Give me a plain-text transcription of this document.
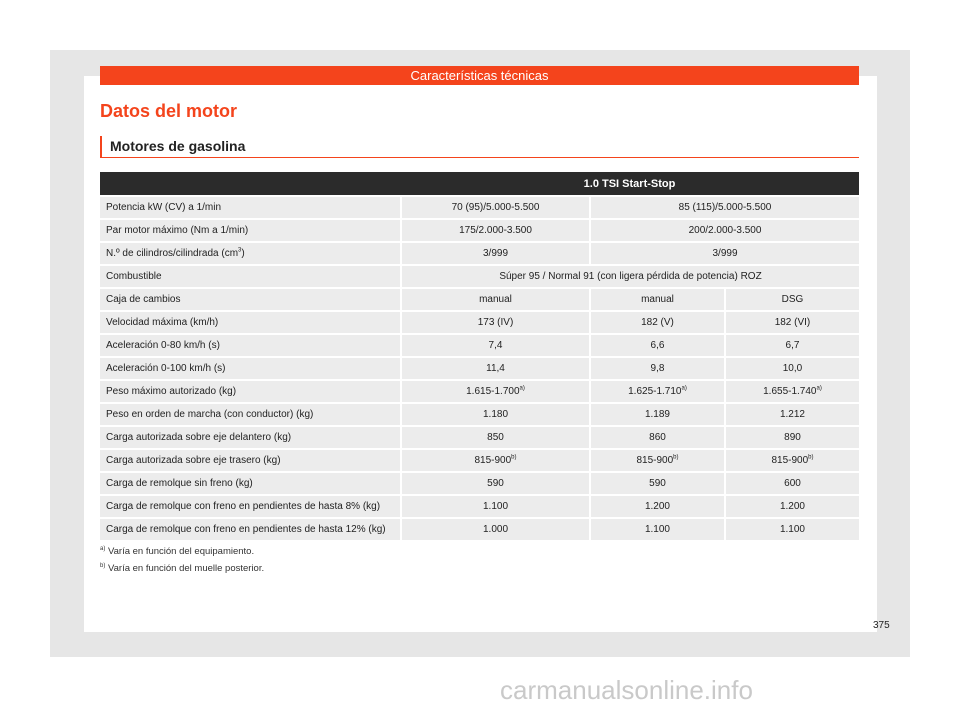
Características técnicas
Datos del motor
Motores de gasolina
	1.0 TSI Start-Stop		
Potencia kW (CV) a 1/min	70 (95)/5.000-5.500	85 (115)/5.000-5.500	
Par motor máximo (Nm a 1/min)	175/2.000-3.500	200/2.000-3.500	
N.º de cilindros/cilindrada $(cm^3)$	3/999	3/999	
Combustible	Súper 95 / Normal 91 (con ligera pérdida de potencia) ROZ		
Caja de cambios	manual	manual	DSG
Velocidad máxima (km/h)	173 (IV)	182 (V)	182 (VI)
Aceleración 0-80 km/h (s)	7,4	6,6	6,7
Aceleración 0-100 km/h (s)	11,4	9,8	10,0
Peso máximo autorizado (kg)	1.615-1.700$^{a)}$	1.625-1.710$^{a)}$	1.655-1.740$^{a)}$
Peso en orden de marcha (con conductor) (kg)	1.180	1.189	1.212
Carga autorizada sobre eje delantero (kg)	850	860	890
Carga autorizada sobre eje trasero (kg)	815-900$^{b)}$	815-900$^{b)}$	815-900$^{b)}$
Carga de remolque sin freno (kg)	590	590	600
Carga de remolque con freno en pendientes de hasta 8% (kg)	1.100	1.200	1.200
Carga de remolque con freno en pendientes de hasta 12% (kg)	1.000	1.100	1.100
$^{a)}$ Varía en función del equipamiento.
$^{b)}$ Varía en función del muelle posterior.
375
carmanualsonline.info
